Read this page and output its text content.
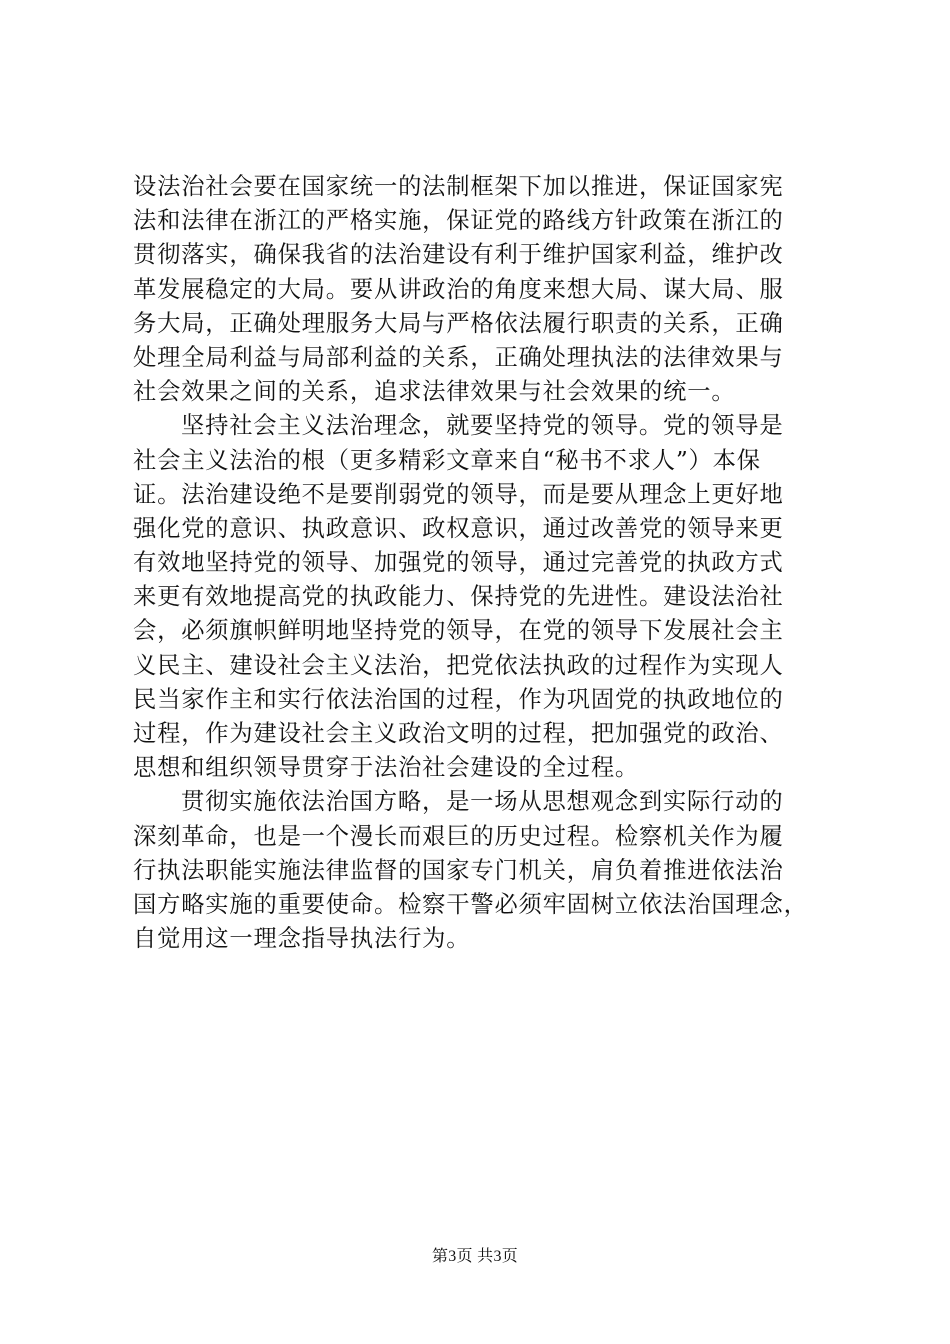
设法治社会要在国家统一的法制框架下加以推进，保证国家宪
法和法律在浙江的严格实施，保证党的路线方针政策在浙江的
贯彻落实，确保我省的法治建设有利于维护国家利益，维护改
革发展稳定的大局。要从讲政治的角度来想大局、谋大局、服
务大局，正确处理服务大局与严格依法履行职责的关系，正确
处理全局利益与局部利益的关系，正确处理执法的法律效果与
社会效果之间的关系，追求法律效果与社会效果的统一。
坚持社会主义法治理念，就要坚持党的领导。党的领导是
社会主义法治的根（更多精彩文章来自“秘书不求人”）本保
证。法治建设绝不是要削弱党的领导，而是要从理念上更好地
强化党的意识、执政意识、政权意识，通过改善党的领导来更
有效地坚持党的领导、加强党的领导，通过完善党的执政方式
来更有效地提高党的执政能力、保持党的先进性。建设法治社
会，必须旗帜鲜明地坚持党的领导，在党的领导下发展社会主
义民主、建设社会主义法治，把党依法执政的过程作为实现人
民当家作主和实行依法治国的过程，作为巩固党的执政地位的
过程，作为建设社会主义政治文明的过程，把加强党的政治、
思想和组织领导贯穿于法治社会建设的全过程。
贯彻实施依法治国方略，是一场从思想观念到实际行动的
深刻革命，也是一个漫长而艰巨的历史过程。检察机关作为履
行执法职能实施法律监督的国家专门机关，肩负着推进依法治
国方略实施的重要使命。检察干警必须牢固树立依法治国理念，
自觉用这一理念指导执法行为。
第3页 共3页
